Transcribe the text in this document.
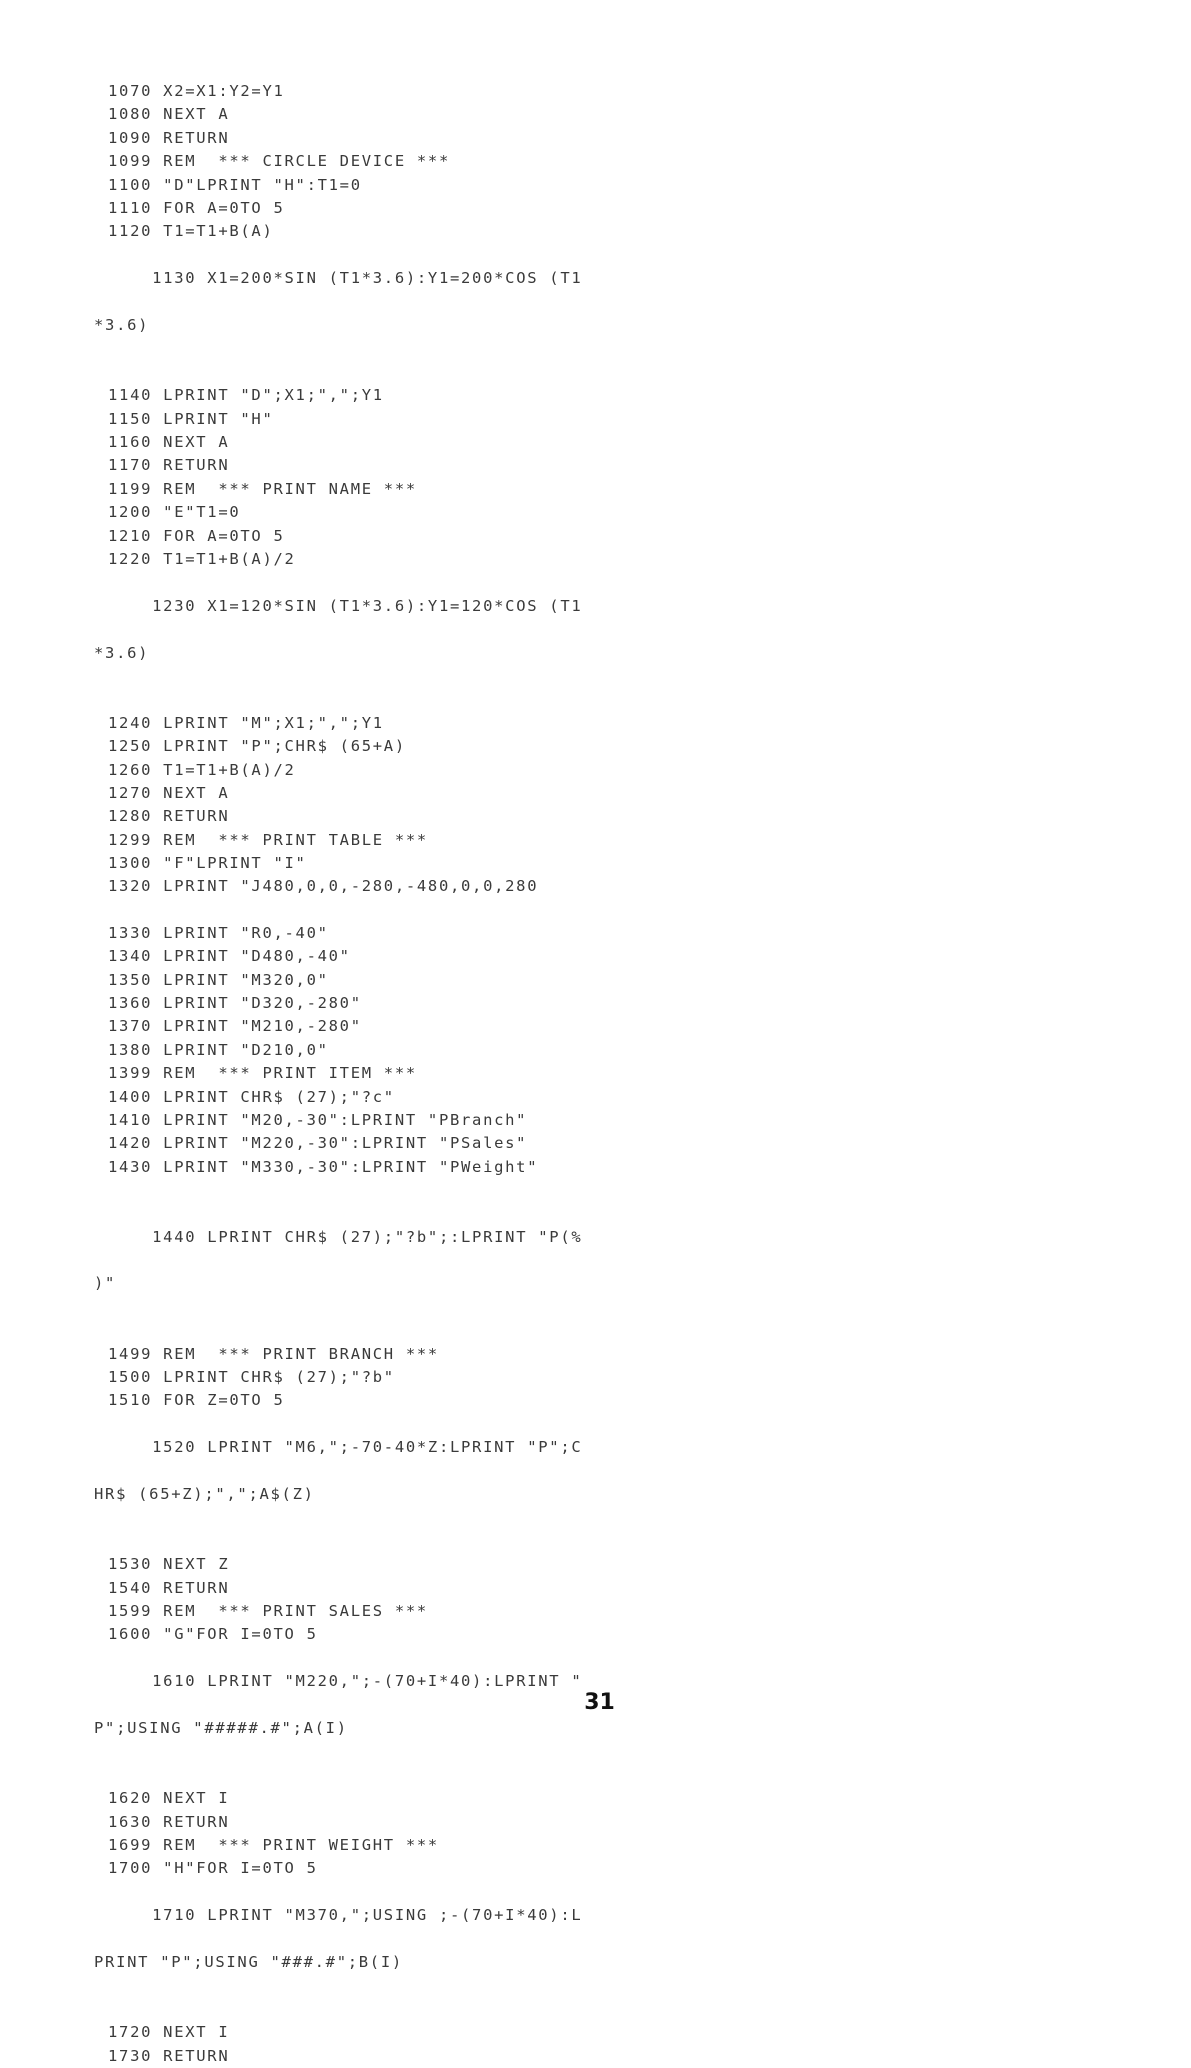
1070 X2=X1:Y2=Y1
1080 NEXT A
1090 RETURN
1099 REM  *** CIRCLE DEVICE ***
1100 "D"LPRINT "H":T1=0
1110 FOR A=0TO 5
1120 T1=T1+B(A)

1130 X1=200*SIN (T1*3.6):Y1=200*COS (T1

*3.6)

1140 LPRINT "D";X1;",";Y1
1150 LPRINT "H"
1160 NEXT A
1170 RETURN
1199 REM  *** PRINT NAME ***
1200 "E"T1=0
1210 FOR A=0TO 5
1220 T1=T1+B(A)/2

1230 X1=120*SIN (T1*3.6):Y1=120*COS (T1

*3.6)

1240 LPRINT "M";X1;",";Y1
1250 LPRINT "P";CHR$ (65+A)
1260 T1=T1+B(A)/2
1270 NEXT A
1280 RETURN
1299 REM  *** PRINT TABLE ***
1300 "F"LPRINT "I"
1320 LPRINT "J480,0,0,-280,-480,0,0,280
1330 LPRINT "R0,-40"
1340 LPRINT "D480,-40"
1350 LPRINT "M320,0"
1360 LPRINT "D320,-280"
1370 LPRINT "M210,-280"
1380 LPRINT "D210,0"
1399 REM  *** PRINT ITEM ***
1400 LPRINT CHR$ (27);"?c"
1410 LPRINT "M20,-30":LPRINT "PBranch"
1420 LPRINT "M220,-30":LPRINT "PSales"
1430 LPRINT "M330,-30":LPRINT "PWeight"

1440 LPRINT CHR$ (27);"?b";:LPRINT "P(%

)"

1499 REM  *** PRINT BRANCH ***
1500 LPRINT CHR$ (27);"?b"
1510 FOR Z=0TO 5

1520 LPRINT "M6,";-70-40*Z:LPRINT "P";C

HR$ (65+Z);",";A$(Z)

1530 NEXT Z
1540 RETURN
1599 REM  *** PRINT SALES ***
1600 "G"FOR I=0TO 5

1610 LPRINT "M220,";-(70+I*40):LPRINT "

P";USING "#####.#";A(I)

1620 NEXT I
1630 RETURN
1699 REM  *** PRINT WEIGHT ***
1700 "H"FOR I=0TO 5

1710 LPRINT "M370,";USING ;-(70+I*40):L

PRINT "P";USING "###.#";B(I)

1720 NEXT I
1730 RETURN
31
